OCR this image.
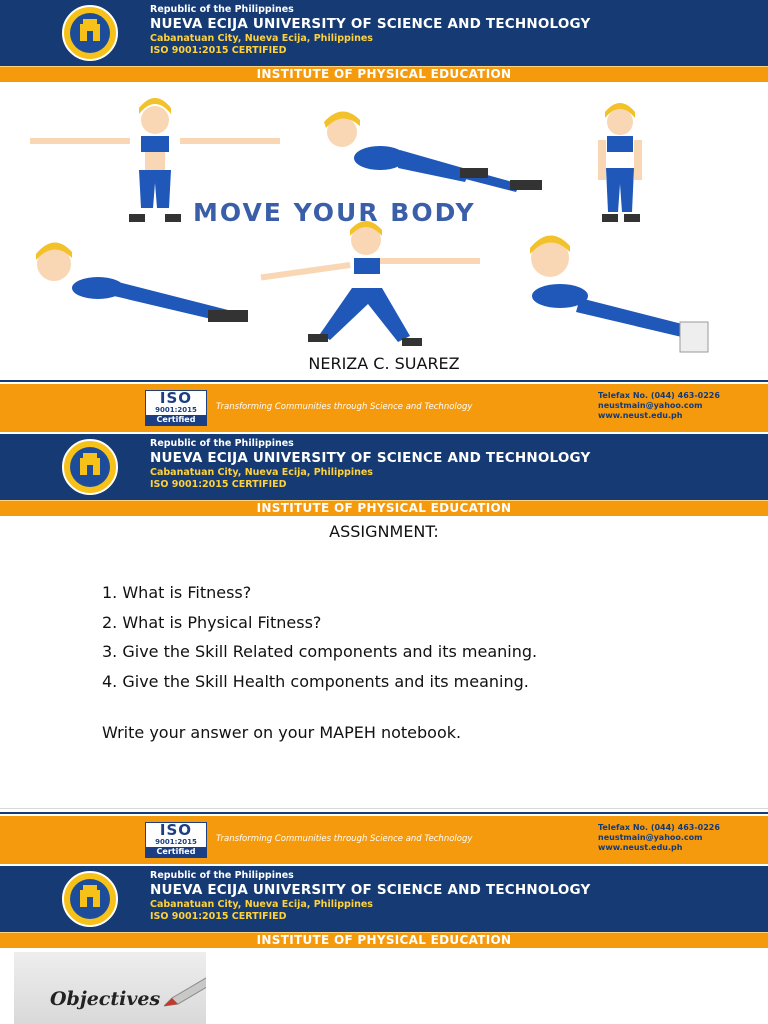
Republic of the Philippines
NUEVA ECIJA UNIVERSITY OF SCIENCE AND TECHNOLOGY
Cabanatuan City, Nueva Ecija, Philippines
ISO 9001:2015 CERTIFIED
INSTITUTE OF PHYSICAL EDUCATION
MOVE YOUR BODY
NERIZA C. SUAREZ
ISO
9001:2015
Certified
Transforming Communities through Science and Technology
Telefax No. (044) 463-0226
neustmain@yahoo.com
www.neust.edu.ph
Republic of the Philippines
NUEVA ECIJA UNIVERSITY OF SCIENCE AND TECHNOLOGY
Cabanatuan City, Nueva Ecija, Philippines
ISO 9001:2015 CERTIFIED
INSTITUTE OF PHYSICAL EDUCATION
ASSIGNMENT:
1. What is Fitness?
2. What is Physical Fitness?
3. Give the Skill Related components and its meaning.
4. Give the Skill Health components and its meaning.
Write your answer on your MAPEH notebook.
ISO
9001:2015
Certified
Transforming Communities through Science and Technology
Telefax No. (044) 463-0226
neustmain@yahoo.com
www.neust.edu.ph
Republic of the Philippines
NUEVA ECIJA UNIVERSITY OF SCIENCE AND TECHNOLOGY
Cabanatuan City, Nueva Ecija, Philippines
ISO 9001:2015 CERTIFIED
INSTITUTE OF PHYSICAL EDUCATION
Objectives
